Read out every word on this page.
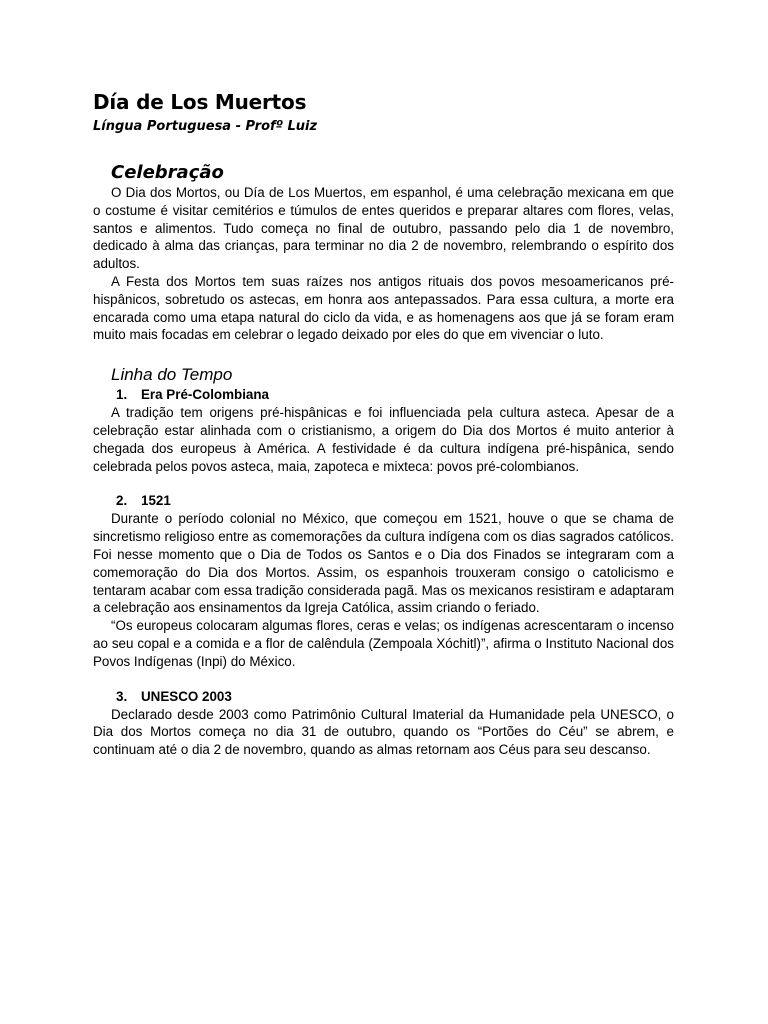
Día de Los Muertos
Língua Portuguesa - Profº Luiz
Celebração

O Dia dos Mortos, ou Día de Los Muertos, em espanhol, é uma celebração mexicana em que o costume é visitar cemitérios e túmulos de entes queridos e preparar altares com flores, velas, santos e alimentos. Tudo começa no final de outubro, passando pelo dia 1 de novembro, dedicado à alma das crianças, para terminar no dia 2 de novembro, relembrando o espírito dos adultos.

A Festa dos Mortos tem suas raízes nos antigos rituais dos povos mesoamericanos pré-hispânicos, sobretudo os astecas, em honra aos antepassados. Para essa cultura, a morte era encarada como uma etapa natural do ciclo da vida, e as homenagens aos que já se foram eram muito mais focadas em celebrar o legado deixado por eles do que em vivenciar o luto.

Linha do Tempo
1.	Era Pré-Colombiana

A tradição tem origens pré-hispânicas e foi influenciada pela cultura asteca. Apesar de a celebração estar alinhada com o cristianismo, a origem do Dia dos Mortos é muito anterior à chegada dos europeus à América. A festividade é da cultura indígena pré-hispânica, sendo celebrada pelos povos asteca, maia, zapoteca e mixteca: povos pré-colombianos.

2.	1521

Durante o período colonial no México, que começou em 1521, houve o que se chama de sincretismo religioso entre as comemorações da cultura indígena com os dias sagrados católicos. Foi nesse momento que o Dia de Todos os Santos e o Dia dos Finados se integraram com a comemoração do Dia dos Mortos. Assim, os espanhois trouxeram consigo o catolicismo e tentaram acabar com essa tradição considerada pagã. Mas os mexicanos resistiram e adaptaram a celebração aos ensinamentos da Igreja Católica, assim criando o feriado.

“Os europeus colocaram algumas flores, ceras e velas; os indígenas acrescentaram o incenso ao seu copal e a comida e a flor de calêndula (Zempoala Xóchitl)”, afirma o Instituto Nacional dos Povos Indígenas (Inpi) do México.

3.	UNESCO 2003

Declarado desde 2003 como Patrimônio Cultural Imaterial da Humanidade pela UNESCO, o Dia dos Mortos começa no dia 31 de outubro, quando os “Portões do Céu” se abrem, e continuam até o dia 2 de novembro, quando as almas retornam aos Céus para seu descanso.
